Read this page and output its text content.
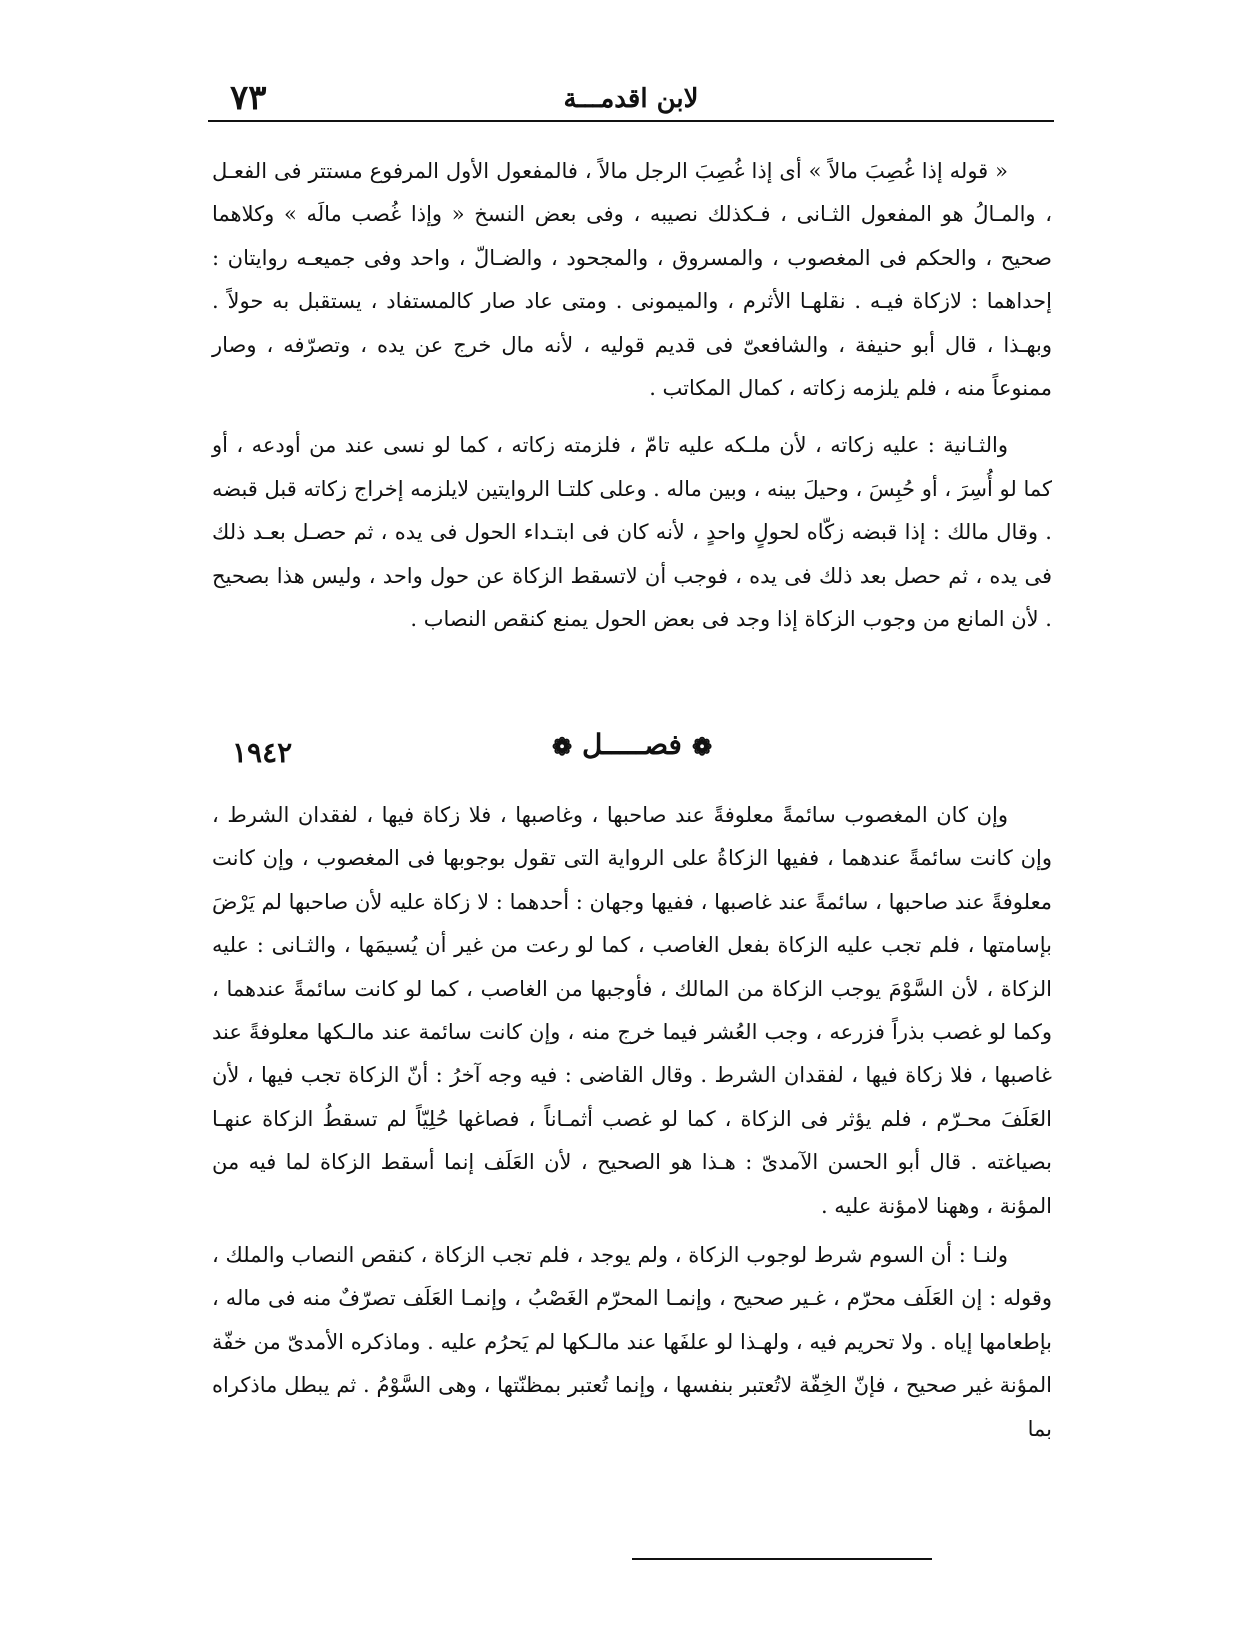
٧٣	لابن اقدمـــة

« قوله إذا غُصِبَ مالاً » أى إذا غُصِبَ الرجل مالاً ، فالمفعول الأول المرفوع مستتر فى الفعـل ، والمـالُ هو المفعول الثـانى ، فـكذلك نصيبه ، وفى بعض النسخ « وإذا غُصب مالَه » وكلاهما صحيح ، والحكم فى المغصوب ، والمسروق ، والمجحود ، والضـالّ ، واحد وفى جميعـه روايتان : إحداهما : لازكاة فيـه . نقلهـا الأثرم ، والميمونى . ومتى عاد صار كالمستفاد ، يستقبل به حولاً . وبهـذا ، قال أبو حنيفة ، والشافعىّ فى قديم قوليه ، لأنه مال خرج عن يده ، وتصرّفه ، وصار ممنوعاً منه ، فلم يلزمه زكاته ، كمال المكاتب .

والثـانية : عليه زكاته ، لأن ملـكه عليه تامّ ، فلزمته زكاته ، كما لو نسى عند من أودعه ، أو كما لو أُسِرَ ، أو حُبِسَ ، وحيلَ بينه ، وبين ماله . وعلى كلتـا الروايتين لايلزمه إخراج زكاته قبل قبضه . وقال مالك : إذا قبضه زكّاه لحولٍ واحدٍ ، لأنه كان فى ابتـداء الحول فى يده ، ثم حصـل بعـد ذلك فى يده ، ثم حصل بعد ذلك فى يده ، فوجب أن لاتسقط الزكاة عن حول واحد ، وليس هذا بصحيح . لأن المانع من وجوب الزكاة إذا وجد فى بعض الحول يمنع كنقص النصاب .

١٩٤٢	❁فصـــــل❁

وإن كان المغصوب سائمةً معلوفةً عند صاحبها ، وغاصبها ، فلا زكاة فيها ، لفقدان الشرط ، وإن كانت سائمةً عندهما ، ففيها الزكاةُ على الرواية التى تقول بوجوبها فى المغصوب ، وإن كانت معلوفةً عند صاحبها ، سائمةً عند غاصبها ، ففيها وجهان : أحدهما : لا زكاة عليه لأن صاحبها لم يَرْضَ بإسامتها ، فلم تجب عليه الزكاة بفعل الغاصب ، كما لو رعت من غير أن يُسيمَها ، والثـانى : عليه الزكاة ، لأن السَّوْمَ يوجب الزكاة من المالك ، فأوجبها من الغاصب ، كما لو كانت سائمةً عندهما ، وكما لو غصب بذراً فزرعه ، وجب العُشر فيما خرج منه ، وإن كانت سائمة عند مالـكها معلوفةً عند غاصبها ، فلا زكاة فيها ، لفقدان الشرط . وقال القاضى : فيه وجه آخرُ : أنّ الزكاة تجب فيها ، لأن العَلَفَ محـرّم ، فلم يؤثر فى الزكاة ، كما لو غصب أثمـاناً ، فصاغها حُلِيّاً لم تسقطُ الزكاة عنهـا بصياغته . قال أبو الحسن الآمدىّ : هـذا هو الصحيح ، لأن العَلَف إنما أسقط الزكاة لما فيه من المؤنة ، وههنا لامؤنة عليه .

ولنـا : أن السوم شرط لوجوب الزكاة ، ولم يوجد ، فلم تجب الزكاة ، كنقص النصاب والملك ، وقوله : إن العَلَف محرّم ، غـير صحيح ، وإنمـا المحرّم الغَصْبُ ، وإنمـا العَلَف تصرّفٌ منه فى ماله ، بإطعامها إياه . ولا تحريم فيه ، ولهـذا لو علفَها عند مالـكها لم يَحرُم عليه . وماذكره الأمدىّ من خفّة المؤنة غير صحيح ، فإنّ الخِفّة لاتُعتبر بنفسها ، وإنما تُعتبر بمظنّتها ، وهى السَّوْمُ . ثم يبطل ماذكراه بما
